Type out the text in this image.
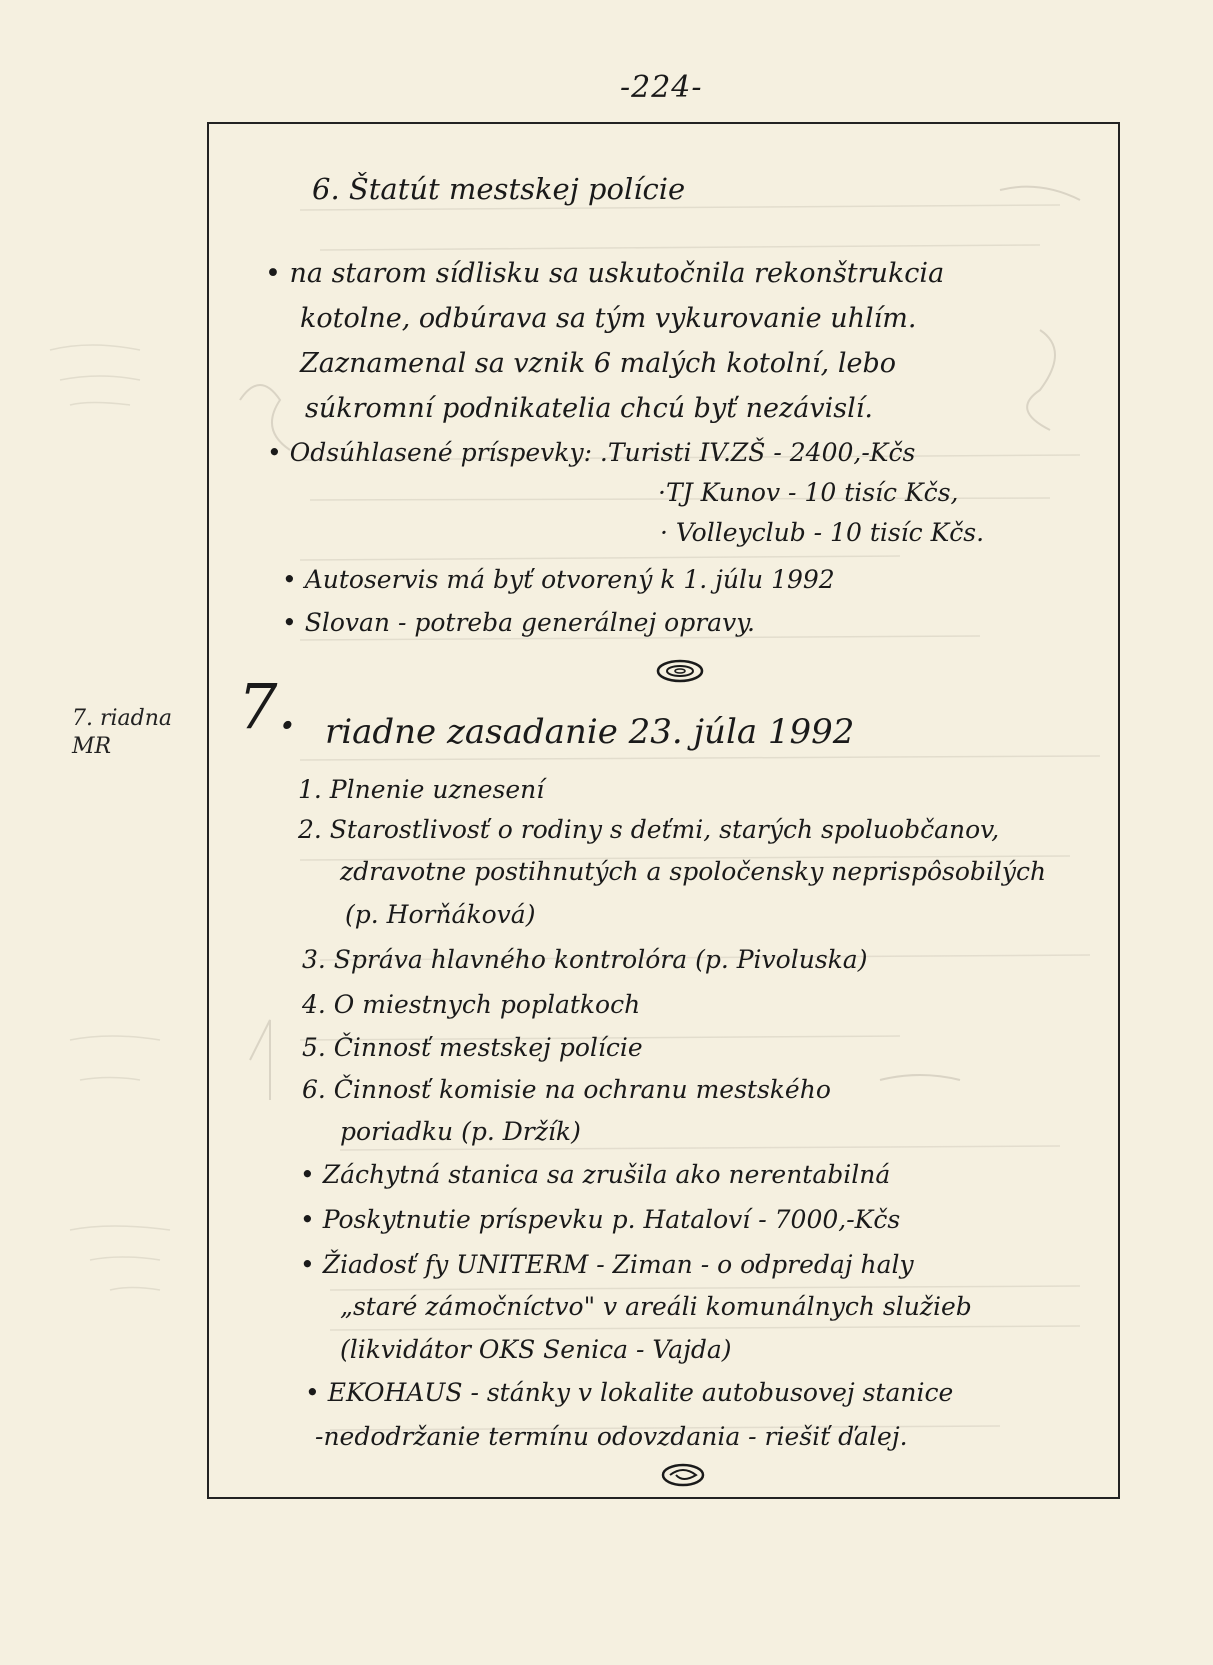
-224-
7. riadna
MR
6. Štatút mestskej polície
• na starom sídlisku sa uskutočnila rekonštrukcia
kotolne, odbúrava sa tým vykurovanie uhlím.
Zaznamenal sa vznik 6 malých kotolní, lebo
súkromní podnikatelia chcú byť nezávislí.
• Odsúhlasené príspevky: .Turisti IV.ZŠ - 2400,-Kčs
·TJ Kunov - 10 tisíc Kčs,
· Volleyclub - 10 tisíc Kčs.
• Autoservis má byť otvorený k 1. júlu 1992
• Slovan - potreba generálnej opravy.
7. riadne zasadanie 23. júla 1992
1. Plnenie uznesení
2. Starostlivosť o rodiny s deťmi, starých spoluobčanov,
zdravotne postihnutých a spoločensky neprispôsobilých
(p. Horňáková)
3. Správa hlavného kontrolóra (p. Pivoluska)
4. O miestnych poplatkoch
5. Činnosť mestskej polície
6. Činnosť komisie na ochranu mestského
poriadku (p. Držík)
• Záchytná stanica sa zrušila ako nerentabilná
• Poskytnutie príspevku p. Hataloví - 7000,-Kčs
• Žiadosť fy UNITERM - Ziman - o odpredaj haly
„staré zámočníctvo" v areáli komunálnych služieb
(likvidátor OKS Senica - Vajda)
• EKOHAUS - stánky v lokalite autobusovej stanice
-nedodržanie termínu odovzdania - riešiť ďalej.
